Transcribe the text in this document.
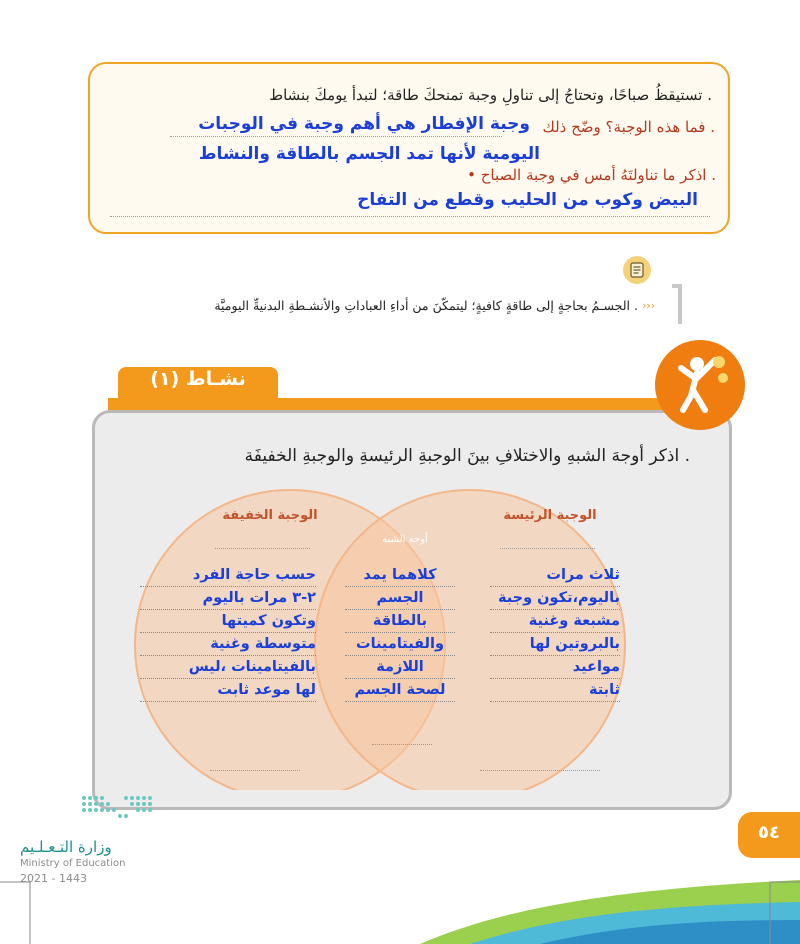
تستيقظُ صباحًا، وتحتاجُ إلى تناولِ وجبة تمنحكَ طاقة؛ لتبدأ يومكَ بنشاط .
فما هذه الوجبة؟ وضّح ذلك .
وجبة الإفطار هي أهم وجبة في الوجبات
اليومية لأنها تمد الجسم بالطاقة والنشاط
• اذكر ما تناولتَهُ أمس في وجبة الصباح .
البيض وكوب من الحليب وقطع من التفاح
›››
الجسـمُ بحاجةٍ إلى طاقةٍ كافيةٍ؛ ليتمكّنَ من أداءِ العباداتِ والأنشـطةِ البدنيةِّ اليوميَّة .
نشـاط (١)
اذكر أوجهَ الشبهِ والاختلافِ بينَ الوجبةِ الرئيسةِ والوجبةِ الخفيفَة .
الوجبة الرئيسة
أوجه الشبه
الوجبة الخفيفة
ثلاث مرات
باليوم،تكون وجبة
مشبعة وغنية
بالبروتين لها
مواعيد
ثابتة
كلاهما يمد
الجسم
بالطاقة
والفيتامينات
اللازمة
لصحة الجسم
حسب حاجة الفرد
٢-٣ مرات باليوم
وتكون كميتها
متوسطة وغنية
بالفيتامينات ،ليس
لها موعد ثابت
وزارة التـعـلـيم
Ministry of Education
2021 - 1443
٥٤
